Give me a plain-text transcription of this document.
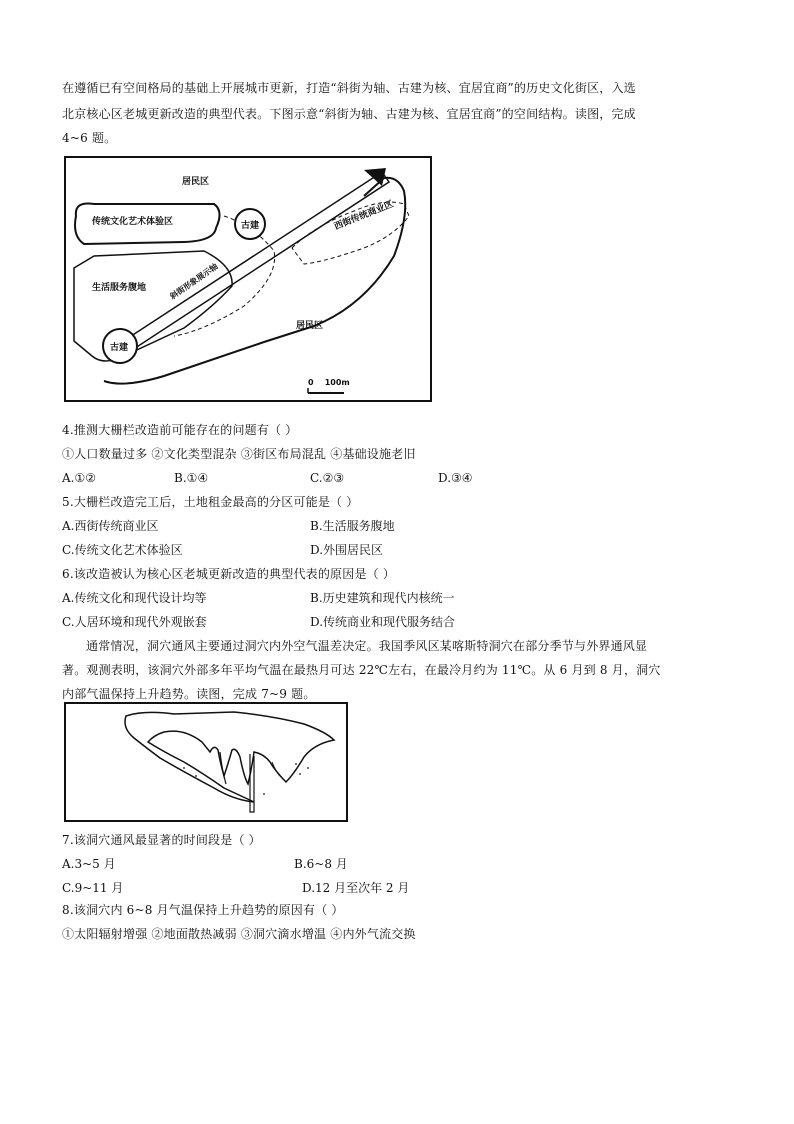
在遵循已有空间格局的基础上开展城市更新，打造“斜街为轴、古建为核、宜居宜商”的历史文化街区，入选
北京核心区老城更新改造的典型代表。下图示意“斜街为轴、古建为核、宜居宜商”的空间结构。读图，完成
4~6 题。
居民区
传统文化艺术体验区	古建	西街传统商业区
生活服务腹地	斜街形象展示轴
居民区
古建
0    100m
4.推测大栅栏改造前可能存在的问题有（ ）
①人口数量过多 ②文化类型混杂 ③街区布局混乱 ④基础设施老旧
A.①②	B.①④	C.②③	D.③④
5.大栅栏改造完工后，土地租金最高的分区可能是（ ）
A.西街传统商业区	B.生活服务腹地
C.传统文化艺术体验区	D.外围居民区
6.该改造被认为核心区老城更新改造的典型代表的原因是（ ）
A.传统文化和现代设计均等	B.历史建筑和现代内核统一
C.人居环境和现代外观嵌套	D.传统商业和现代服务结合
通常情况，洞穴通风主要通过洞穴内外空气温差决定。我国季风区某喀斯特洞穴在部分季节与外界通风显
著。观测表明，该洞穴外部多年平均气温在最热月可达 22℃左右，在最冷月约为 11℃。从 6 月到 8 月，洞穴
内部气温保持上升趋势。读图，完成 7~9 题。
7.该洞穴通风最显著的时间段是（ ）
A.3~5 月	B.6~8 月
C.9~11 月	D.12 月至次年 2 月
8.该洞穴内 6~8 月气温保持上升趋势的原因有（ ）
①太阳辐射增强 ②地面散热减弱 ③洞穴滴水增温 ④内外气流交换
